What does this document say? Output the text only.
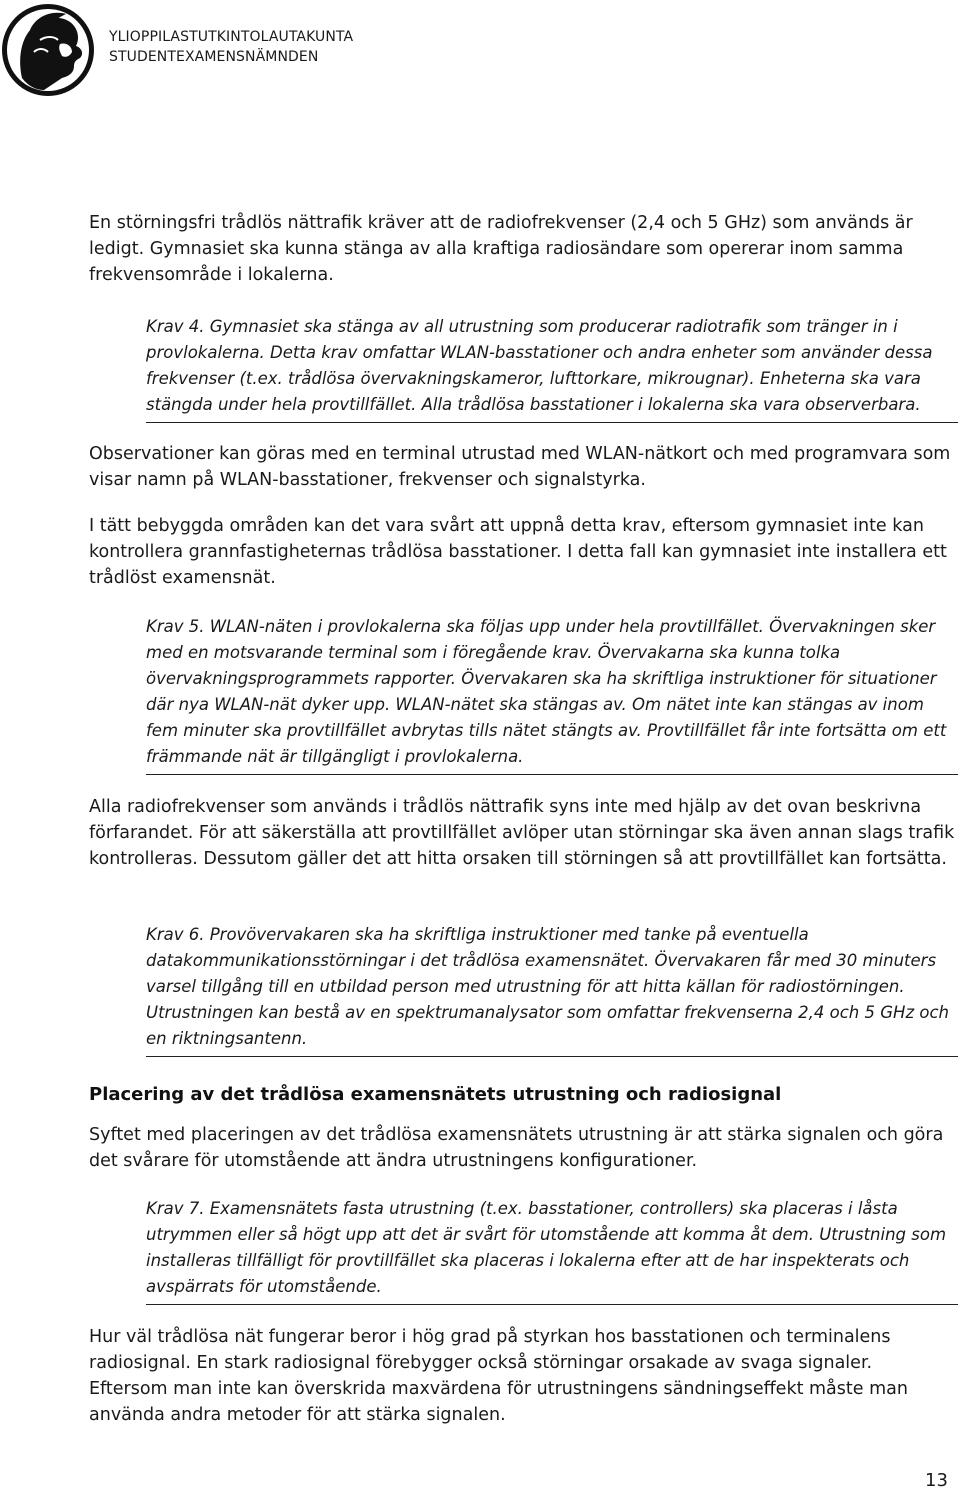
YLIOPPILASTUTKINTOLAUTAKUNTA
STUDENTEXAMENSNÄMNDEN

En störningsfri trådlös nättrafik kräver att de radiofrekvenser (2,4 och 5 GHz) som används är ledigt. Gymnasiet ska kunna stänga av alla kraftiga radiosändare som opererar inom samma frekvensområde i lokalerna.

Krav 4. Gymnasiet ska stänga av all utrustning som producerar radiotrafik som tränger in i provlokalerna. Detta krav omfattar WLAN-basstationer och andra enheter som använder dessa frekvenser (t.ex. trådlösa övervakningskameror, lufttorkare, mikrougnar). Enheterna ska vara stängda under hela provtillfället. Alla trådlösa basstationer i lokalerna ska vara observerbara.

Observationer kan göras med en terminal utrustad med WLAN-nätkort och med programvara som visar namn på WLAN-basstationer, frekvenser och signalstyrka.

I tätt bebyggda områden kan det vara svårt att uppnå detta krav, eftersom gymnasiet inte kan kontrollera grannfastigheternas trådlösa basstationer. I detta fall kan gymnasiet inte installera ett trådlöst examensnät.

Krav 5. WLAN-näten i provlokalerna ska följas upp under hela provtillfället. Övervakningen sker med en motsvarande terminal som i föregående krav. Övervakarna ska kunna tolka övervakningsprogrammets rapporter. Övervakaren ska ha skriftliga instruktioner för situationer där nya WLAN-nät dyker upp. WLAN-nätet ska stängas av. Om nätet inte kan stängas av inom fem minuter ska provtillfället avbrytas tills nätet stängts av. Provtillfället får inte fortsätta om ett främmande nät är tillgängligt i provlokalerna.

Alla radiofrekvenser som används i trådlös nättrafik syns inte med hjälp av det ovan beskrivna förfarandet. För att säkerställa att provtillfället avlöper utan störningar ska även annan slags trafik kontrolleras. Dessutom gäller det att hitta orsaken till störningen så att provtillfället kan fortsätta.

Krav 6. Provövervakaren ska ha skriftliga instruktioner med tanke på eventuella datakommunikationsstörningar i det trådlösa examensnätet. Övervakaren får med 30 minuters varsel tillgång till en utbildad person med utrustning för att hitta källan för radiostörningen. Utrustningen kan bestå av en spektrumanalysator som omfattar frekvenserna 2,4 och 5 GHz och en riktningsantenn.
Placering av det trådlösa examensnätets utrustning och radiosignal

Syftet med placeringen av det trådlösa examensnätets utrustning är att stärka signalen och göra det svårare för utomstående att ändra utrustningens konfigurationer.

Krav 7. Examensnätets fasta utrustning (t.ex. basstationer, controllers) ska placeras i låsta utrymmen eller så högt upp att det är svårt för utomstående att komma åt dem. Utrustning som installeras tillfälligt för provtillfället ska placeras i lokalerna efter att de har inspekterats och avspärrats för utomstående.

Hur väl trådlösa nät fungerar beror i hög grad på styrkan hos basstationen och terminalens radiosignal. En stark radiosignal förebygger också störningar orsakade av svaga signaler. Eftersom man inte kan överskrida maxvärdena för utrustningens sändningseffekt måste man använda andra metoder för att stärka signalen.

13
